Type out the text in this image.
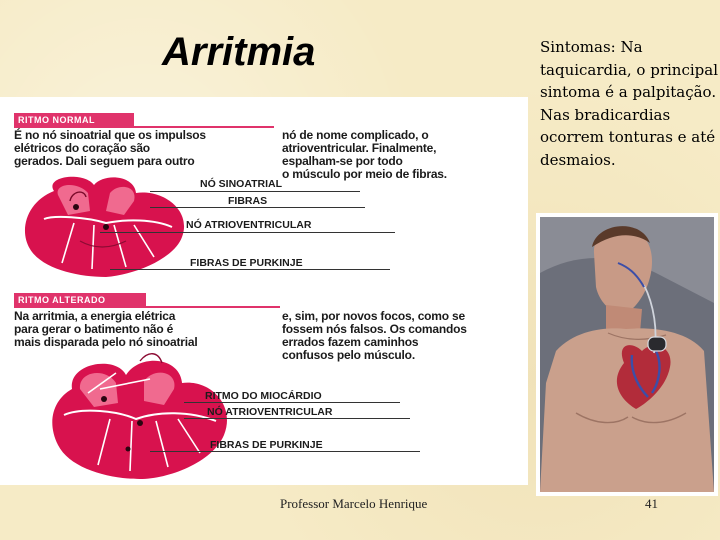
Arritmia	Sintomas: Na taquicardia, o principal sintoma é a palpitação. Nas bradicardias ocorrem tonturas e até desmaios.
RITMO NORMAL
É no nó sinoatrial que os impulsos
elétricos do coração são
gerados. Dali seguem para outro
nó de nome complicado, o
atrioventricular. Finalmente,
espalham-se por todo
o músculo por meio de fibras.
NÓ SINOATRIAL
FIBRAS
NÓ ATRIOVENTRICULAR
FIBRAS DE PURKINJE
RITMO ALTERADO
Na arritmia, a energia elétrica
para gerar o batimento não é
mais disparada pelo nó sinoatrial
e, sim, por novos focos, como se
fossem nós falsos. Os comandos
errados fazem caminhos
confusos pelo músculo.
RITMO DO MIOCÁRDIO
NÓ ATRIOVENTRICULAR
FIBRAS DE PURKINJE
Professor Marcelo Henrique	41
